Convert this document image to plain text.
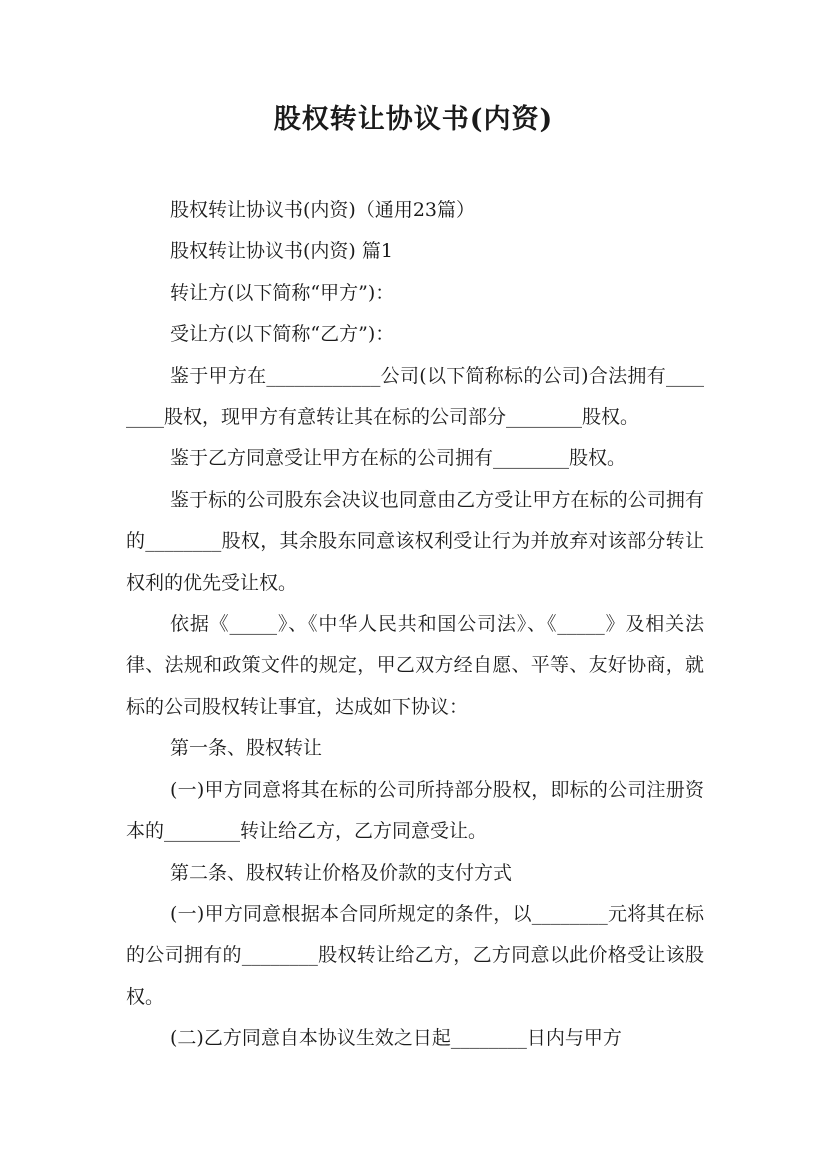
股权转让协议书(内资)

股权转让协议书(内资)（通用23篇）

股权转让协议书(内资) 篇1

转让方(以下简称“甲方”)：

受让方(以下简称“乙方”)：

鉴于甲方在____________公司(以下简称标的公司)合法拥有________股权，现甲方有意转让其在标的公司部分________股权。

鉴于乙方同意受让甲方在标的公司拥有________股权。

鉴于标的公司股东会决议也同意由乙方受让甲方在标的公司拥有的________股权，其余股东同意该权利受让行为并放弃对该部分转让权利的优先受让权。

依据《_____》、《中华人民共和国公司法》、《_____》及相关法律、法规和政策文件的规定，甲乙双方经自愿、平等、友好协商，就标的公司股权转让事宜，达成如下协议：

第一条、股权转让

(一)甲方同意将其在标的公司所持部分股权，即标的公司注册资本的________转让给乙方，乙方同意受让。

第二条、股权转让价格及价款的支付方式

(一)甲方同意根据本合同所规定的条件，以________元将其在标的公司拥有的________股权转让给乙方，乙方同意以此价格受让该股权。

(二)乙方同意自本协议生效之日起________日内与甲方
